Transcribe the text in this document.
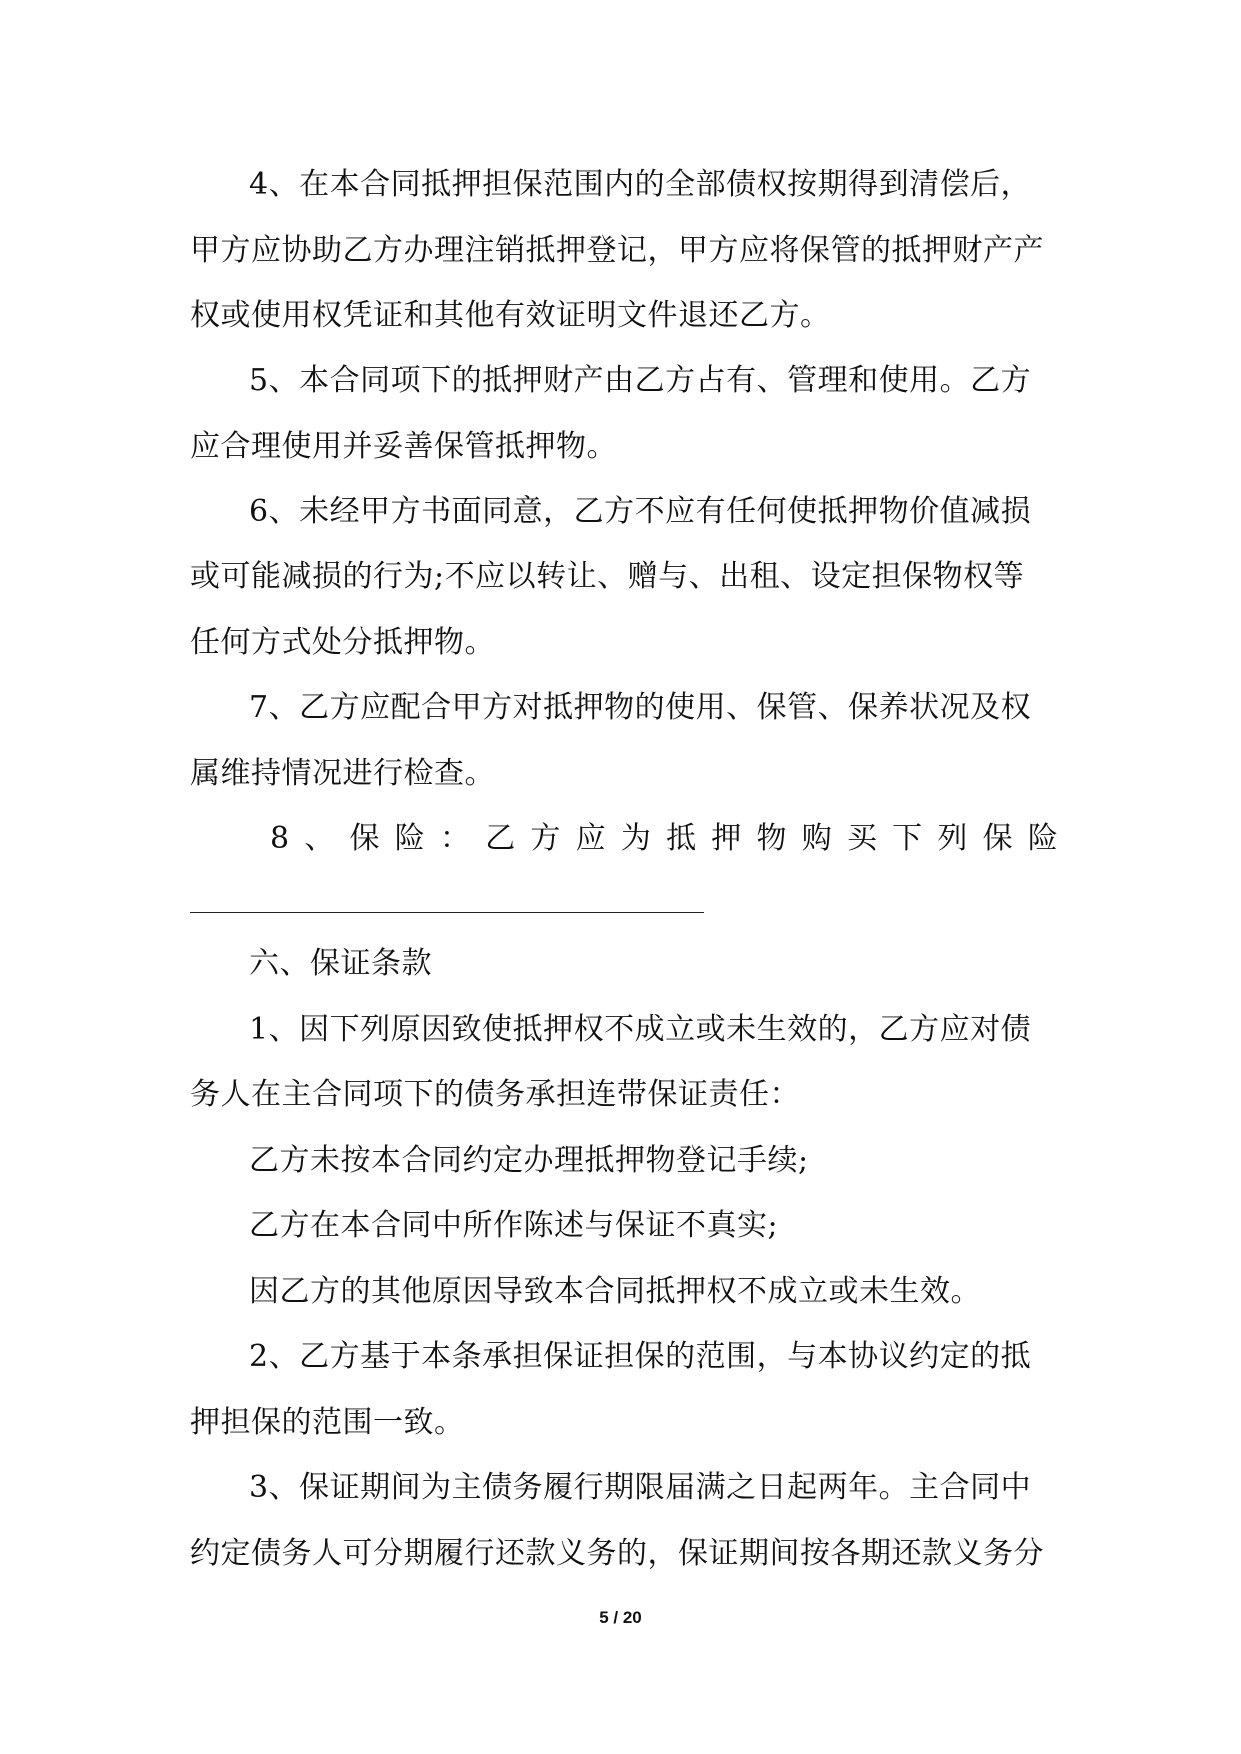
4、在本合同抵押担保范围内的全部债权按期得到清偿后，
甲方应协助乙方办理注销抵押登记，甲方应将保管的抵押财产产
权或使用权凭证和其他有效证明文件退还乙方。
5、本合同项下的抵押财产由乙方占有、管理和使用。乙方
应合理使用并妥善保管抵押物。
6、未经甲方书面同意，乙方不应有任何使抵押物价值减损
或可能减损的行为;不应以转让、赠与、出租、设定担保物权等
任何方式处分抵押物。
7、乙方应配合甲方对抵押物的使用、保管、保养状况及权
属维持情况进行检查。
8 、 保 险 ： 乙 方 应 为 抵 押 物 购 买 下 列 保 险
六、保证条款
1、因下列原因致使抵押权不成立或未生效的，乙方应对债
务人在主合同项下的债务承担连带保证责任：
乙方未按本合同约定办理抵押物登记手续;
乙方在本合同中所作陈述与保证不真实;
因乙方的其他原因导致本合同抵押权不成立或未生效。
2、乙方基于本条承担保证担保的范围，与本协议约定的抵
押担保的范围一致。
3、保证期间为主债务履行期限届满之日起两年。主合同中
约定债务人可分期履行还款义务的，保证期间按各期还款义务分
5 / 20
